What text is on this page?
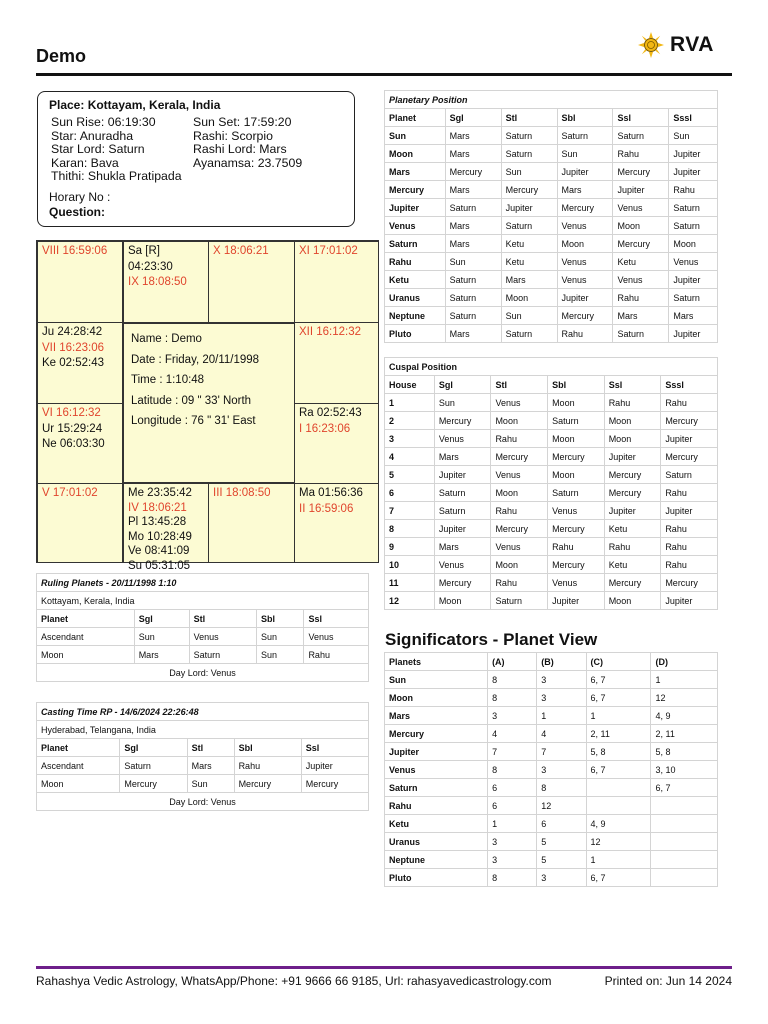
Demo	RVA
Place: Kottayam, Kerala, India
Sun Rise: 06:19:30
Star: Anuradha
Star Lord: Saturn
Karan: Bava
Thithi: Shukla Pratipada
Sun Set: 17:59:20
Rashi: Scorpio
Rashi Lord: Mars
Ayanamsa: 23.7509
Horary No :
Question:
VIII 16:59:06	Sa [R] 04:23:30
IX 18:08:50
X 18:06:21	XI 17:01:02
Ju 24:28:42
VII 16:23:06
Ke 02:52:43
XII 16:12:32
VI 16:12:32
Ur 15:29:24
Ne 06:03:30
Ra 02:52:43
I 16:23:06
V 17:01:02	Me 23:35:42
IV 18:06:21
Pl 13:45:28
Mo 10:28:49
Ve 08:41:09
Su 05:31:05
III 18:08:50	Ma 01:56:36
II 16:59:06
Name : Demo
Date : Friday, 20/11/1998
Time : 1:10:48
Latitude : 09 " 33' North
Longitude : 76 " 31' East
Ruling Planets - 20/11/1998 1:10				
Kottayam, Kerala, India				
Planet	Sgl	Stl	Sbl	Ssl
Ascendant	Sun	Venus	Sun	Venus
Moon	Mars	Saturn	Sun	Rahu
Day Lord: Venus				
Casting Time RP - 14/6/2024 22:26:48				
Hyderabad, Telangana, India				
Planet	Sgl	Stl	Sbl	Ssl
Ascendant	Saturn	Mars	Rahu	Jupiter
Moon	Mercury	Sun	Mercury	Mercury
Day Lord: Venus				
Planetary Position					
Planet	Sgl	Stl	Sbl	Ssl	Sssl
Sun	Mars	Saturn	Saturn	Saturn	Sun
Moon	Mars	Saturn	Sun	Rahu	Jupiter
Mars	Mercury	Sun	Jupiter	Mercury	Jupiter
Mercury	Mars	Mercury	Mars	Jupiter	Rahu
Jupiter	Saturn	Jupiter	Mercury	Venus	Saturn
Venus	Mars	Saturn	Venus	Moon	Saturn
Saturn	Mars	Ketu	Moon	Mercury	Moon
Rahu	Sun	Ketu	Venus	Ketu	Venus
Ketu	Saturn	Mars	Venus	Venus	Jupiter
Uranus	Saturn	Moon	Jupiter	Rahu	Saturn
Neptune	Saturn	Sun	Mercury	Mars	Mars
Pluto	Mars	Saturn	Rahu	Saturn	Jupiter
Cuspal Position					
House	Sgl	Stl	Sbl	Ssl	Sssl
1	Sun	Venus	Moon	Rahu	Rahu
2	Mercury	Moon	Saturn	Moon	Mercury
3	Venus	Rahu	Moon	Moon	Jupiter
4	Mars	Mercury	Mercury	Jupiter	Mercury
5	Jupiter	Venus	Moon	Mercury	Saturn
6	Saturn	Moon	Saturn	Mercury	Rahu
7	Saturn	Rahu	Venus	Jupiter	Jupiter
8	Jupiter	Mercury	Mercury	Ketu	Rahu
9	Mars	Venus	Rahu	Rahu	Rahu
10	Venus	Moon	Mercury	Ketu	Rahu
11	Mercury	Rahu	Venus	Mercury	Mercury
12	Moon	Saturn	Jupiter	Moon	Jupiter
Significators - Planet View
Planets	(A)	(B)	(C)	(D)
Sun	8	3	6, 7	1
Moon	8	3	6, 7	12
Mars	3	1	1	4, 9
Mercury	4	4	2, 11	2, 11
Jupiter	7	7	5, 8	5, 8
Venus	8	3	6, 7	3, 10
Saturn	6	8		6, 7
Rahu	6	12		
Ketu	1	6	4, 9	
Uranus	3	5	12	
Neptune	3	5	1	
Pluto	8	3	6, 7	
Rahashya Vedic Astrology, WhatsApp/Phone: +91 9666 66 9185, Url: rahasyavedicastrology.com	Printed on: Jun 14 2024
